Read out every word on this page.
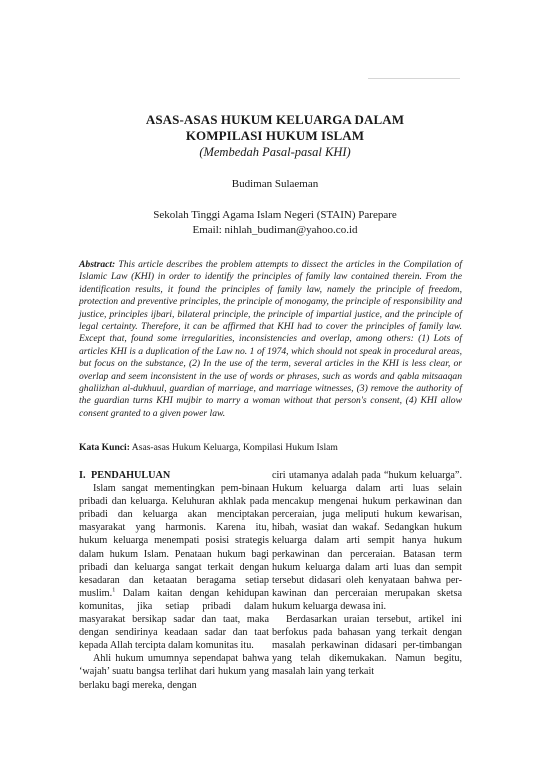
ASAS-ASAS HUKUM KELUARGA DALAM
KOMPILASI HUKUM ISLAM
(Membedah Pasal-pasal KHI)
Budiman Sulaeman
Sekolah Tinggi Agama Islam Negeri (STAIN) Parepare
Email: nihlah_budiman@yahoo.co.id

Abstract: This article describes the problem attempts to dissect the articles in the Compilation of Islamic Law (KHI) in order to identify the principles of family law contained therein. From the identification results, it found the principles of family law, namely the principle of freedom, protection and preventive principles, the principle of monogamy, the principle of responsibility and justice, principles ijbari, bilateral principle, the principle of impartial justice, and the principle of legal certainty. Therefore, it can be affirmed that KHI had to cover the principles of family law. Except that, found some irregularities, inconsistencies and overlap, among others: (1) Lots of articles KHI is a duplication of the Law no. 1 of 1974, which should not speak in procedural areas, but focus on the substance, (2) In the use of the term, several articles in the KHI is less clear, or overlap and seem inconsistent in the use of words or phrases, such as words and qabla mitsaaqan ghaliizhan al-dukhuul, guardian of marriage, and marriage witnesses, (3) remove the authority of the guardian turns KHI mujbir to marry a woman without that person's consent, (4) KHI allow consent granted to a given power law.

Kata Kunci: Asas-asas Hukum Keluarga, Kompilasi Hukum Islam
I. PENDAHULUAN

Islam sangat mementingkan pem-binaan pribadi dan keluarga. Keluhuran akhlak pada pribadi dan keluarga akan menciptakan masyarakat yang harmonis. Karena itu, hukum keluarga menempati posisi strategis dalam hukum Islam. Penataan hukum bagi pribadi dan keluarga sangat terkait dengan kesadaran dan ketaatan beragama setiap muslim.$^1$ Dalam kaitan dengan kehidupan komunitas, jika setiap pribadi dalam masyarakat bersikap sadar dan taat, maka dengan sendirinya keadaan sadar dan taat kepada Allah tercipta dalam komunitas itu.

Ahli hukum umumnya sependapat bahwa ‘wajah’ suatu bangsa terlihat dari hukum yang berlaku bagi mereka, dengan

ciri utamanya adalah pada “hukum keluarga”. Hukum keluarga dalam arti luas selain mencakup mengenai hukum perkawinan dan perceraian, juga meliputi hukum kewarisan, hibah, wasiat dan wakaf. Sedangkan hukum keluarga dalam arti sempit hanya hukum perkawinan dan perceraian. Batasan term hukum keluarga dalam arti luas dan sempit tersebut didasari oleh kenyataan bahwa per-kawinan dan perceraian merupakan sketsa hukum keluarga dewasa ini.

Berdasarkan uraian tersebut, artikel ini berfokus pada bahasan yang terkait dengan masalah perkawinan didasari per-timbangan yang telah dikemukakan. Namun begitu, masalah lain yang terkait
